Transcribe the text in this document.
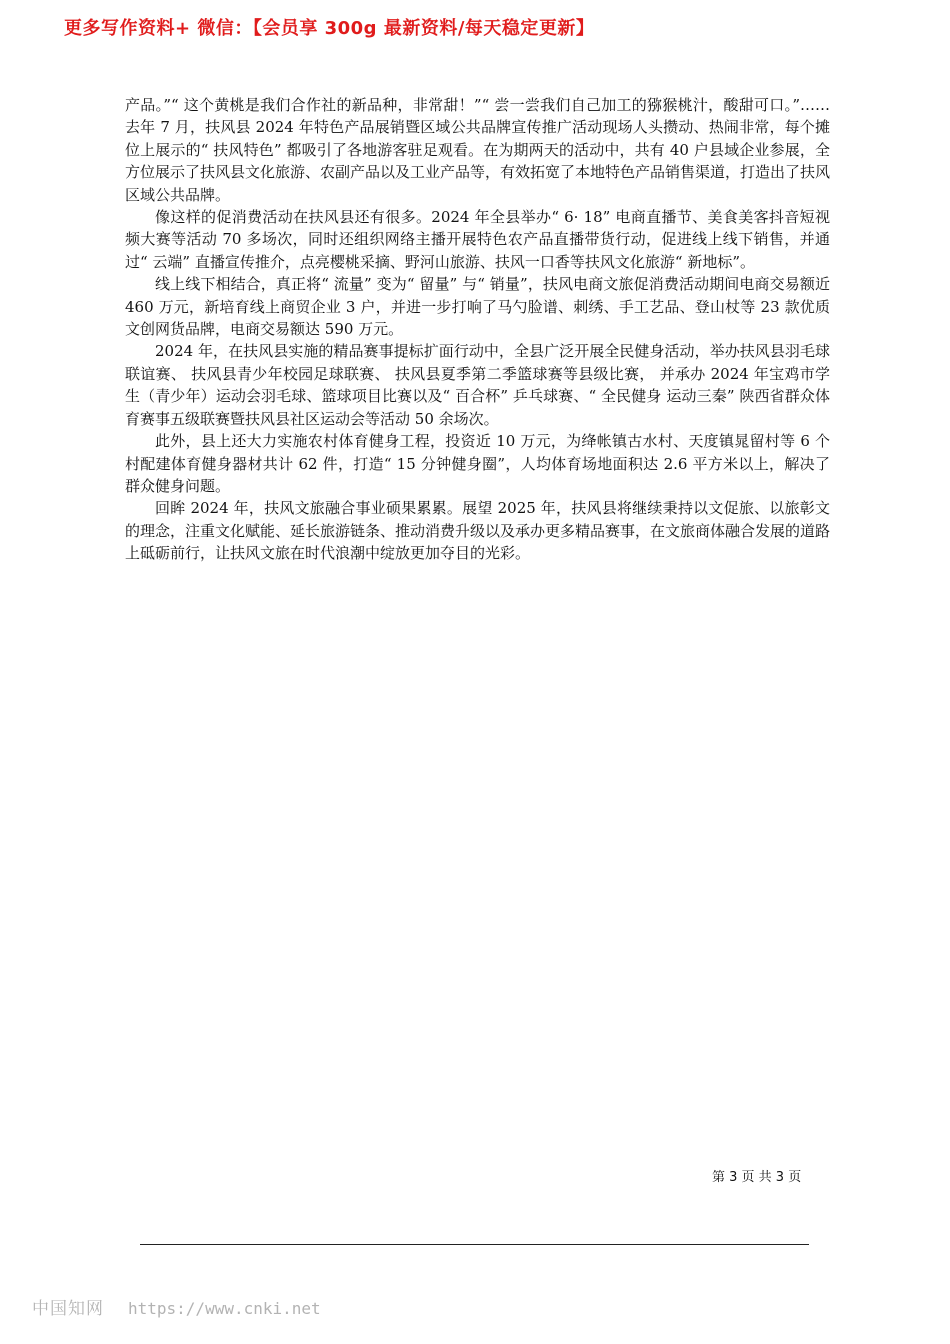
更多写作资料+ 微信：【会员享 300g 最新资料/每天稳定更新】

产品。”“ 这个黄桃是我们合作社的新品种，非常甜！”“ 尝一尝我们自己加工的猕猴桃汁，酸甜可口。”……去年 7 月，扶风县 2024 年特色产品展销暨区域公共品牌宣传推广活动现场人头攒动、热闹非常，每个摊位上展示的“ 扶风特色” 都吸引了各地游客驻足观看。在为期两天的活动中，共有 40 户县域企业参展，全方位展示了扶风县文化旅游、农副产品以及工业产品等，有效拓宽了本地特色产品销售渠道，打造出了扶风区域公共品牌。

像这样的促消费活动在扶风县还有很多。2024 年全县举办“ 6· 18” 电商直播节、美食美客抖音短视频大赛等活动 70 多场次，同时还组织网络主播开展特色农产品直播带货行动，促进线上线下销售，并通过“ 云端” 直播宣传推介，点亮樱桃采摘、野河山旅游、扶风一口香等扶风文化旅游“ 新地标”。

线上线下相结合，真正将“ 流量” 变为“ 留量” 与“ 销量”，扶风电商文旅促消费活动期间电商交易额近 460 万元，新培育线上商贸企业 3 户，并进一步打响了马勺脸谱、刺绣、手工艺品、登山杖等 23 款优质文创网货品牌，电商交易额达 590 万元。

2024 年，在扶风县实施的精品赛事提标扩面行动中，全县广泛开展全民健身活动，举办扶风县羽毛球联谊赛、 扶风县青少年校园足球联赛、 扶风县夏季第二季篮球赛等县级比赛， 并承办 2024 年宝鸡市学生（青少年）运动会羽毛球、篮球项目比赛以及“ 百合杯” 乒乓球赛、“ 全民健身 运动三秦” 陕西省群众体育赛事五级联赛暨扶风县社区运动会等活动 50 余场次。

此外，县上还大力实施农村体育健身工程，投资近 10 万元，为绛帐镇古水村、天度镇晁留村等 6 个村配建体育健身器材共计 62 件，打造“ 15 分钟健身圈”，人均体育场地面积达 2.6 平方米以上，解决了群众健身问题。

回眸 2024 年，扶风文旅融合事业硕果累累。展望 2025 年，扶风县将继续秉持以文促旅、以旅彰文的理念，注重文化赋能、延长旅游链条、推动消费升级以及承办更多精品赛事，在文旅商体融合发展的道路上砥砺前行，让扶风文旅在时代浪潮中绽放更加夺目的光彩。

第 3 页 共 3 页
中国知网 https://www.cnki.net
